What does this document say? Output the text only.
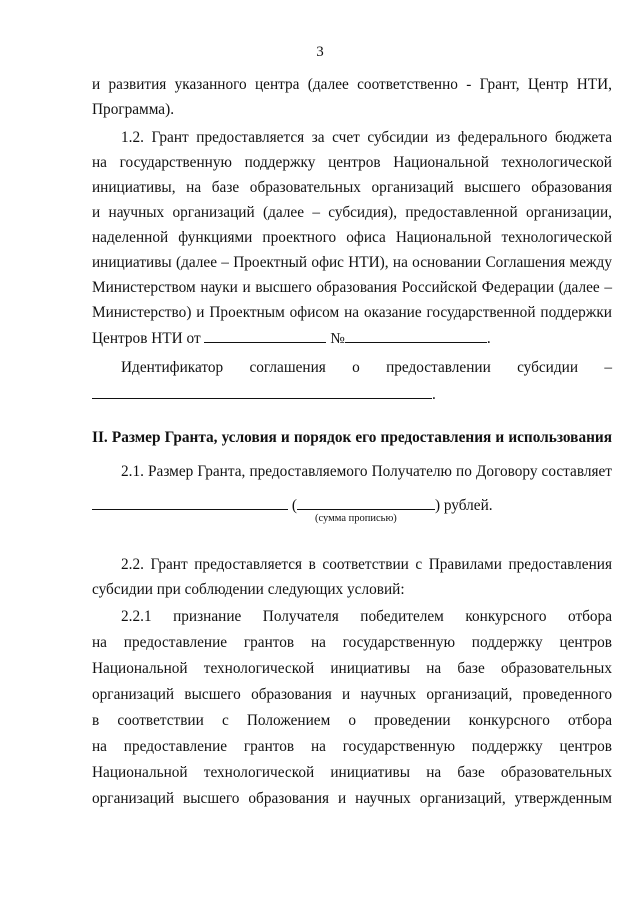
3
и развития указанного центра (далее соответственно - Грант, Центр НТИ,
Программа).
1.2. Грант предоставляется за счет субсидии из федерального бюджета
на государственную поддержку центров Национальной технологической
инициативы, на базе образовательных организаций высшего образования
и научных организаций (далее – субсидия), предоставленной организации,
наделенной функциями проектного офиса Национальной технологической
инициативы (далее – Проектный офис НТИ), на основании Соглашения между
Министерством науки и высшего образования Российской Федерации (далее –
Министерство) и Проектным офисом на оказание государственной поддержки
Центров НТИ от	№	.
Идентификатор соглашения о предоставлении субсидии –
.
II. Размер Гранта, условия и порядок его предоставления и использования
2.1. Размер Гранта, предоставляемого Получателю по Договору составляет
(	) рублей.
(сумма прописью)
2.2. Грант предоставляется в соответствии с Правилами предоставления
субсидии при соблюдении следующих условий:
2.2.1 признание Получателя победителем конкурсного отбора
на предоставление грантов на государственную поддержку центров
Национальной технологической инициативы на базе образовательных
организаций высшего образования и научных организаций, проведенного
в соответствии с Положением о проведении конкурсного отбора
на предоставление грантов на государственную поддержку центров
Национальной технологической инициативы на базе образовательных
организаций высшего образования и научных организаций, утвержденным
